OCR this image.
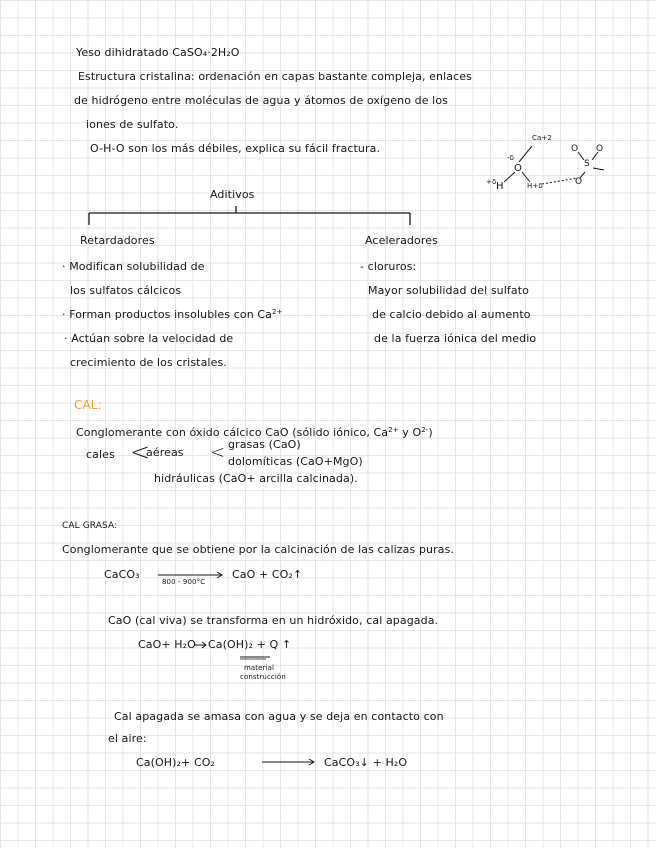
Yeso dihidratado CaSO₄·2H₂O
Estructura cristalina: ordenación en capas bastante compleja, enlaces
de hidrógeno entre moléculas de agua y átomos de oxígeno de los
iones de sulfato.
O-H-O son los más débiles, explica su fácil fractura.
Ca+2
-δ
O
+δ H	H+δ
O O
S
O
Aditivos
Retardadores
· Modifican solubilidad de
los sulfatos cálcicos
· Forman productos insolubles con $Ca^{2+}$
· Actúan sobre la velocidad de
crecimiento de los cristales.
Aceleradores
- cloruros:
Mayor solubilidad del sulfato
de calcio debido al aumento
de la fuerza iónica del medio
CAL:
Conglomerante con óxido cálcico CaO (sólido iónico, $Ca^{2+}$ y $O^{2-}$)
cales <
aéreas < grasas (CaO)
dolomíticas (CaO+MgO)
hidráulicas (CaO+ arcilla calcinada).
CAL GRASA:
Conglomerante que se obtiene por la calcinación de las calizas puras.
CaCO₃
800 - 900°C
CaO + CO₂↑
CaO (cal viva) se transforma en un hidróxido, cal apagada.
CaO+ H₂O Ca(OH)₂ + Q ↑
material
construcción
Cal apagada se amasa con agua y se deja en contacto con
el aire:
Ca(OH)₂+ CO₂	CaCO₃↓ + H₂O
